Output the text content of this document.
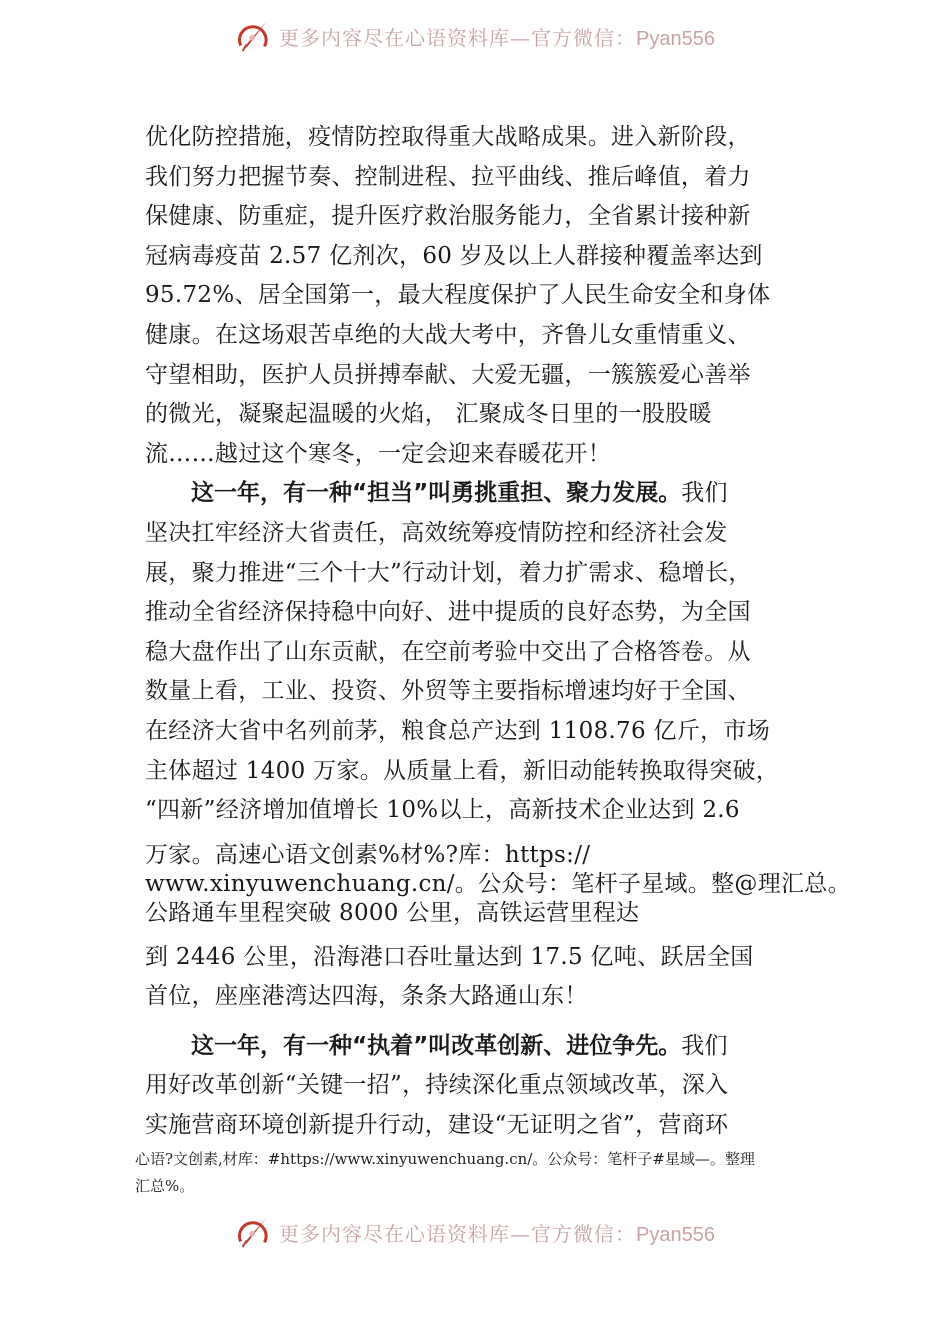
更多内容尽在心语资料库—官方微信：Pyan556
优化防控措施，疫情防控取得重大战略成果。进入新阶段，
我们努力把握节奏、控制进程、拉平曲线、推后峰值，着力
保健康、防重症，提升医疗救治服务能力，全省累计接种新
冠病毒疫苗 2.57 亿剂次，60 岁及以上人群接种覆盖率达到
95.72%、居全国第一，最大程度保护了人民生命安全和身体
健康。在这场艰苦卓绝的大战大考中，齐鲁儿女重情重义、
守望相助，医护人员拼搏奉献、大爱无疆，一簇簇爱心善举
的微光，凝聚起温暖的火焰， 汇聚成冬日里的一股股暖
流……越过这个寒冬，一定会迎来春暖花开！
这一年，有一种“担当”叫勇挑重担、聚力发展。我们
坚决扛牢经济大省责任，高效统筹疫情防控和经济社会发
展，聚力推进“三个十大”行动计划，着力扩需求、稳增长，
推动全省经济保持稳中向好、进中提质的良好态势，为全国
稳大盘作出了山东贡献，在空前考验中交出了合格答卷。从
数量上看，工业、投资、外贸等主要指标增速均好于全国、
在经济大省中名列前茅，粮食总产达到 1108.76 亿斤，市场
主体超过 1400 万家。从质量上看，新旧动能转换取得突破，
“四新”经济增加值增长 10%以上，高新技术企业达到 2.6
万家。高速心语文创素%材%?库：https://
www.xinyuwenchuang.cn/。公众号：笔杆子星域。整@理汇总。
公路通车里程突破 8000 公里，高铁运营里程达
到 2446 公里，沿海港口吞吐量达到 17.5 亿吨、跃居全国
首位，座座港湾达四海，条条大路通山东！
这一年，有一种“执着”叫改革创新、进位争先。我们
用好改革创新“关键一招”，持续深化重点领域改革，深入
实施营商环境创新提升行动，建设“无证明之省”，营商环
心语?文创素,材库：#https://www.xinyuwenchuang.cn/。公众号：笔杆子#星域—。整理
汇总%。
更多内容尽在心语资料库—官方微信：Pyan556
